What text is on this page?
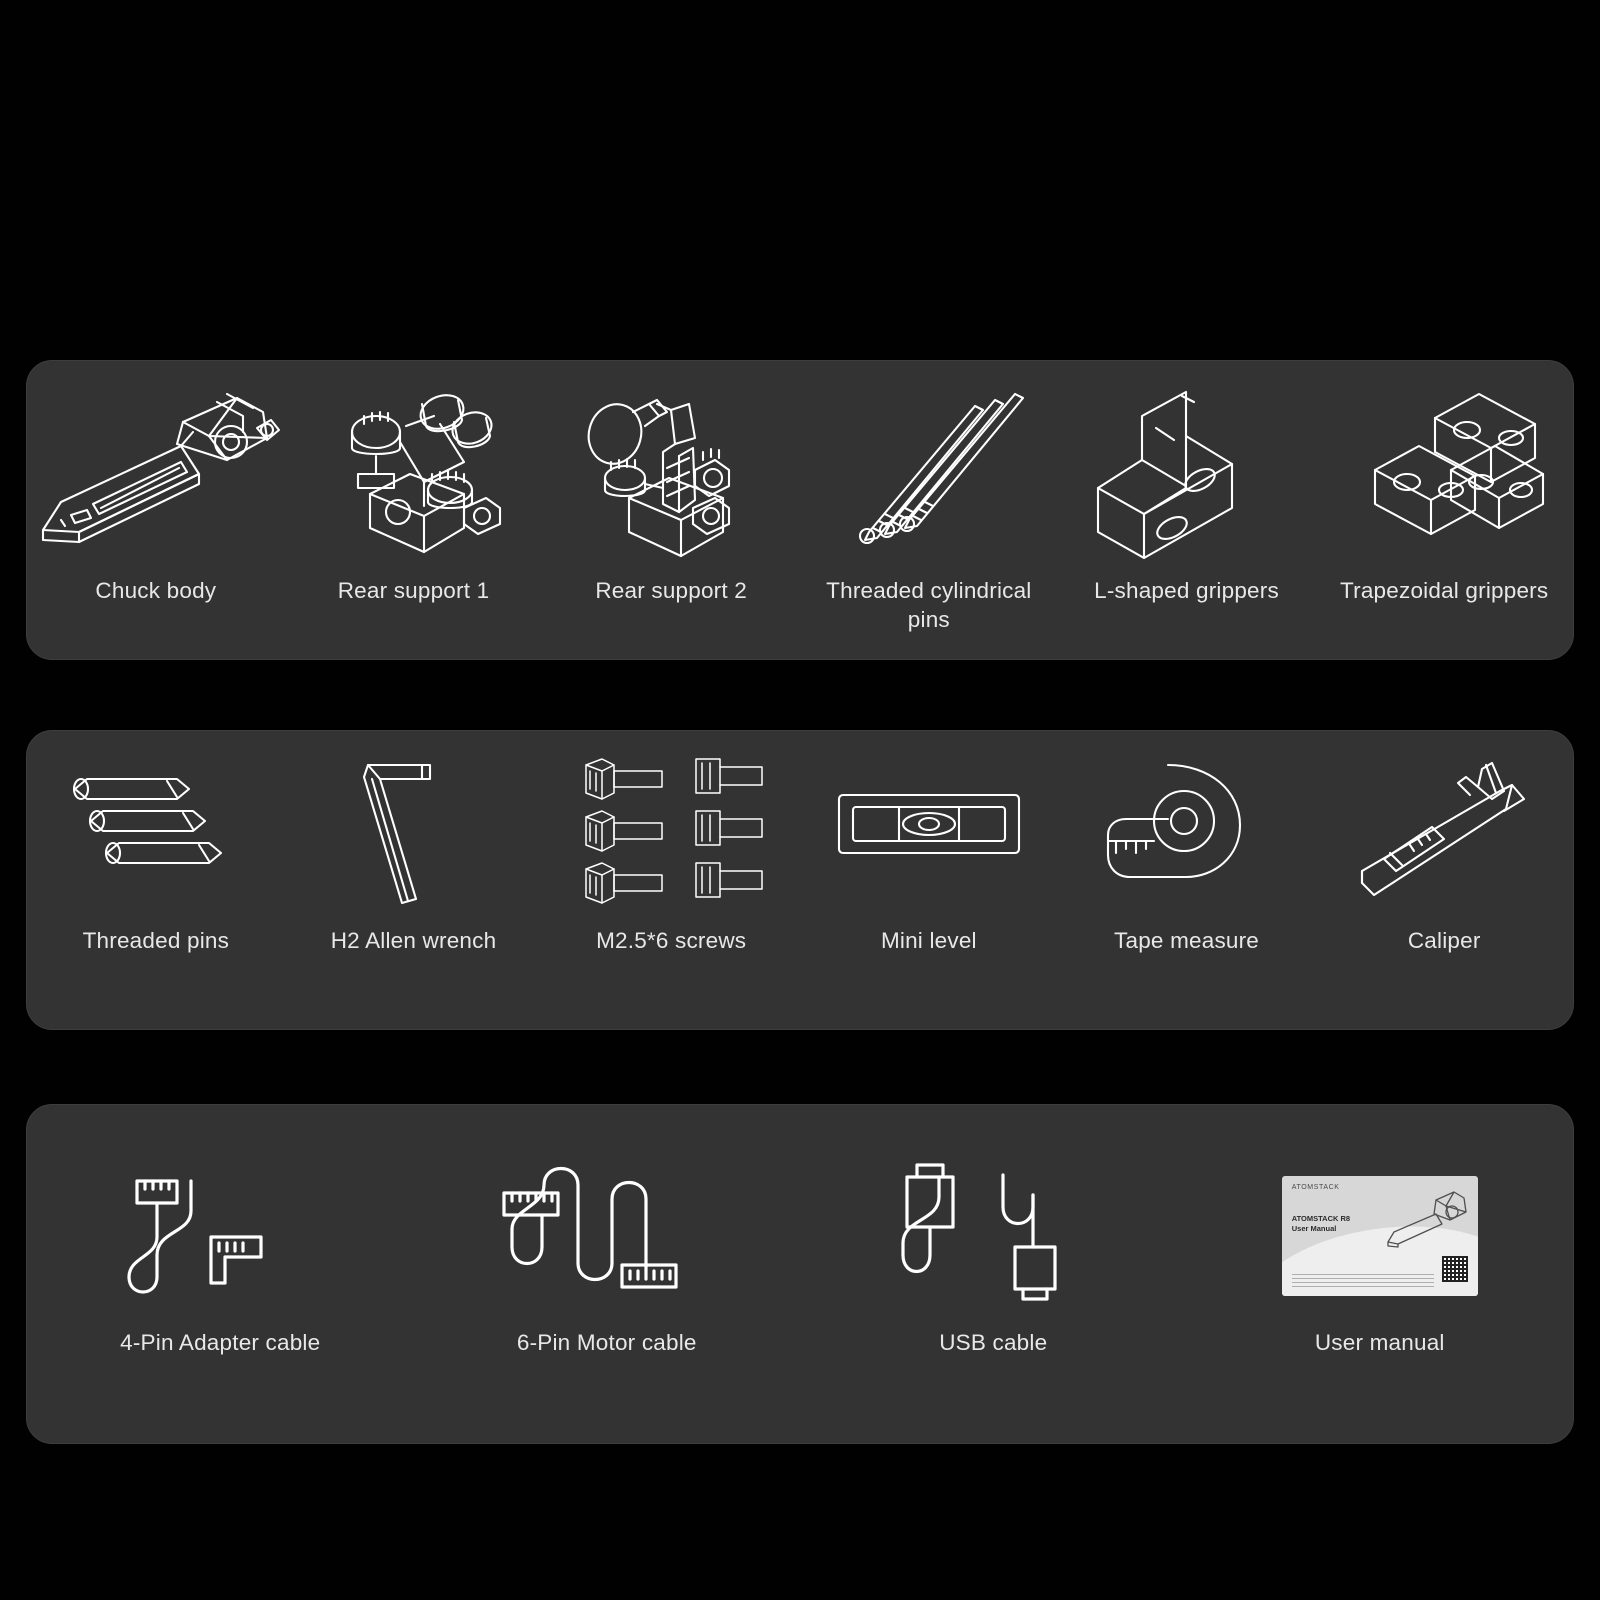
Chuck body	Rear support 1	Rear support 2	Threaded cylindrical pins
L-shaped grippers	Trapezoidal grippers
Threaded pins	H2 Allen wrench	M2.5*6 screws	Mini level	Tape measure	Caliper
4-Pin Adapter cable	6-Pin Motor cable	USB cable
ATOMSTACK
ATOMSTACK R8
User Manual
User manual
